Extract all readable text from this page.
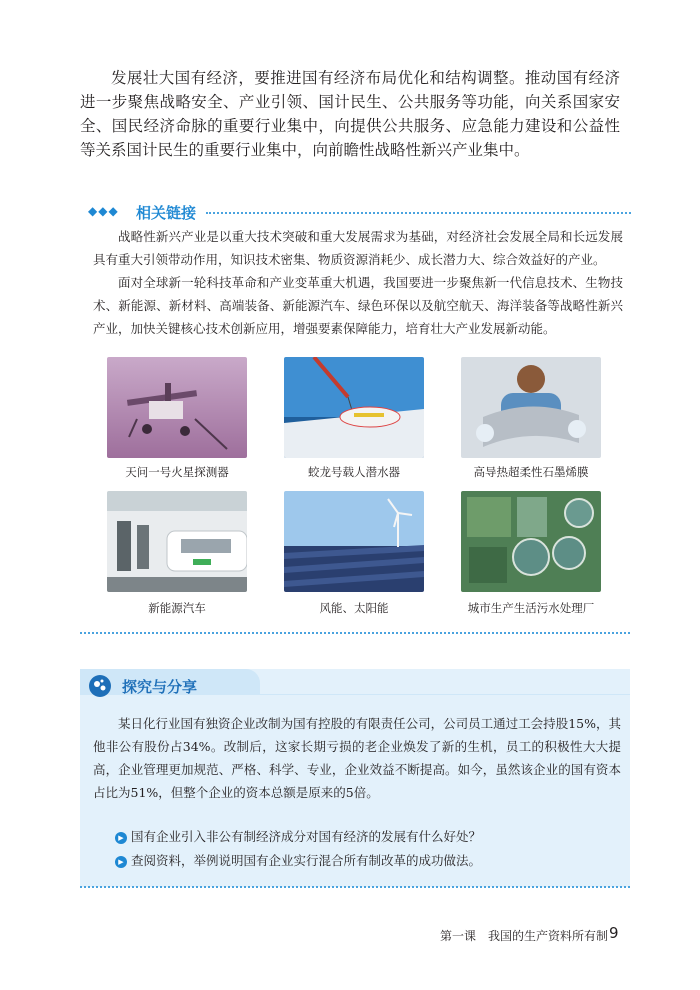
发展壮大国有经济，要推进国有经济布局优化和结构调整。推动国有经济进一步聚焦战略安全、产业引领、国计民生、公共服务等功能，向关系国家安全、国民经济命脉的重要行业集中，向提供公共服务、应急能力建设和公益性等关系国计民生的重要行业集中，向前瞻性战略性新兴产业集中。

◆◆◆ 相关链接

战略性新兴产业是以重大技术突破和重大发展需求为基础，对经济社会发展全局和长远发展具有重大引领带动作用，知识技术密集、物质资源消耗少、成长潜力大、综合效益好的产业。

面对全球新一轮科技革命和产业变革重大机遇，我国要进一步聚焦新一代信息技术、生物技术、新能源、新材料、高端装备、新能源汽车、绿色环保以及航空航天、海洋装备等战略性新兴产业，加快关键核心技术创新应用，增强要素保障能力，培育壮大产业发展新动能。

天问一号火星探测器	蛟龙号载人潜水器	高导热超柔性石墨烯膜
新能源汽车	风能、太阳能	城市生产生活污水处理厂
探究与分享

某日化行业国有独资企业改制为国有控股的有限责任公司，公司员工通过工会持股15%，其他非公有股份占34%。改制后，这家长期亏损的老企业焕发了新的生机，员工的积极性大大提高，企业管理更加规范、严格、科学、专业，企业效益不断提高。如今，虽然该企业的国有资本占比为51%，但整个企业的资本总额是原来的5倍。

▶ 国有企业引入非公有制经济成分对国有经济的发展有什么好处？
▶ 查阅资料，举例说明国有企业实行混合所有制改革的成功做法。
第一课　我国的生产资料所有制 9
